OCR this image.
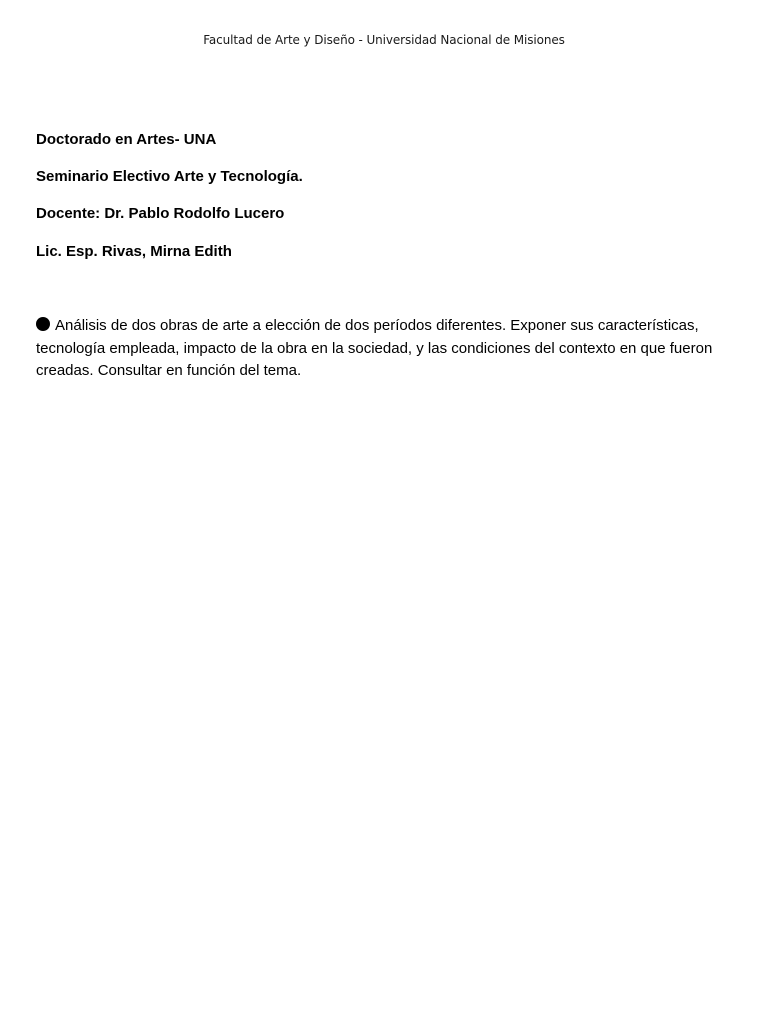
Facultad de Arte y Diseño - Universidad Nacional de Misiones

Doctorado en Artes- UNA

Seminario Electivo Arte y Tecnología.

Docente: Dr. Pablo Rodolfo Lucero

Lic. Esp. Rivas, Mirna Edith

Análisis de dos obras de arte a elección de dos períodos diferentes. Exponer sus características, tecnología empleada, impacto de la obra en la sociedad, y las condiciones del contexto en que fueron creadas. Consultar en función del tema.
